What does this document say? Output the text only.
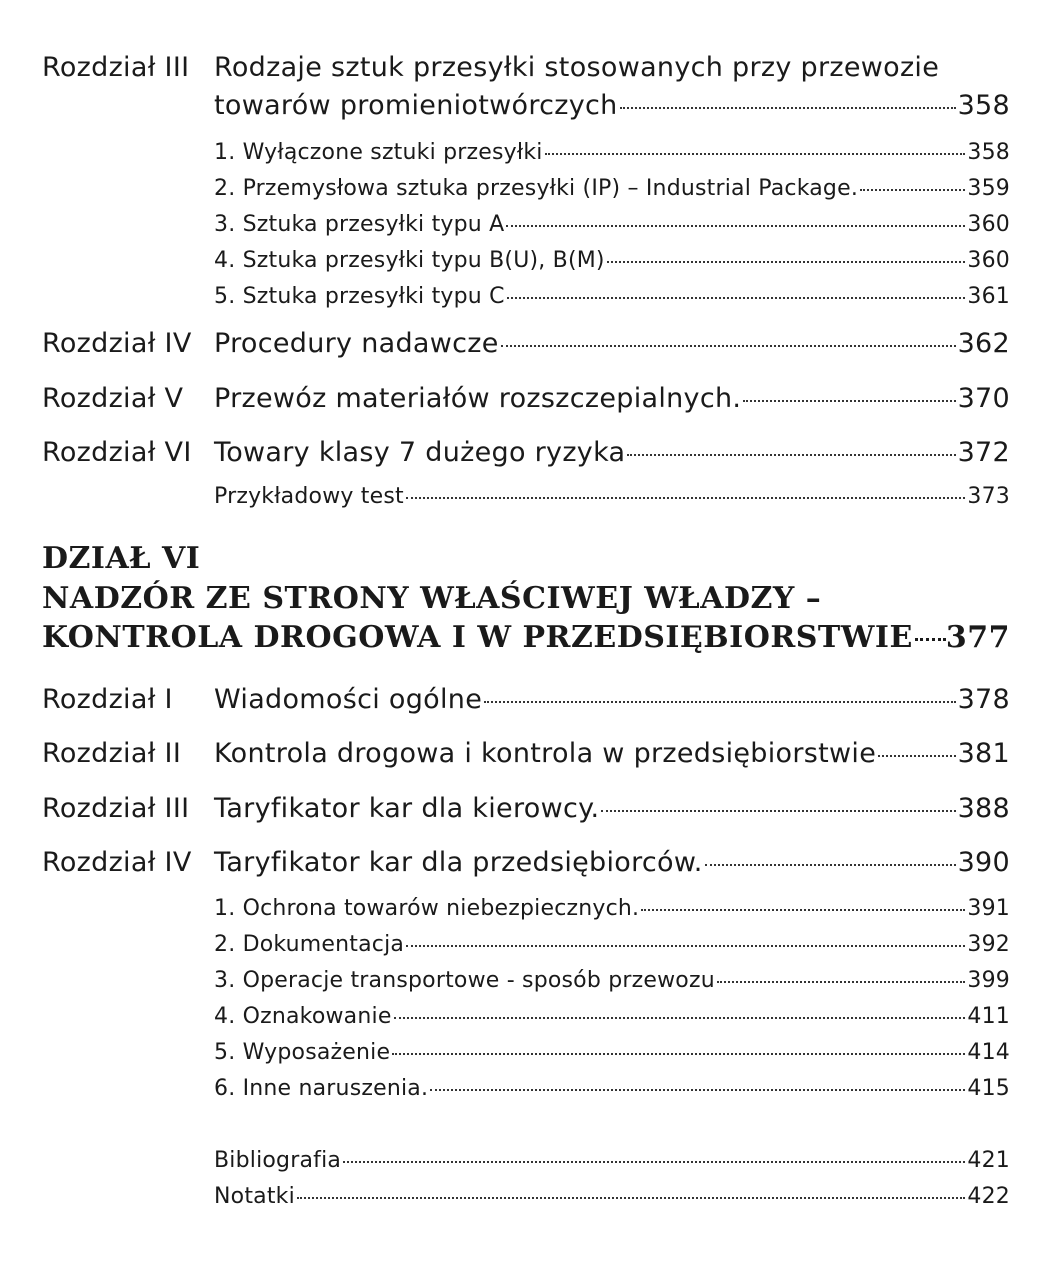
Rozdział III Rodzaje sztuk przesyłki stosowanych przy przewozie
towarów promieniotwórczych	358
1. Wyłączone sztuki przesyłki	358
2. Przemysłowa sztuka przesyłki (IP) – Industrial Package.	359
3. Sztuka przesyłki typu A	360
4. Sztuka przesyłki typu B(U), B(M)	360
5. Sztuka przesyłki typu C	361
Rozdział IV Procedury nadawcze	362
Rozdział V	Przewóz materiałów rozszczepialnych.	370
Rozdział VI Towary klasy 7 dużego ryzyka	372
Przykładowy test	373
DZIAŁ VI
NADZÓR ZE STRONY WŁAŚCIWEJ WŁADZY –
KONTROLA DROGOWA I W PRZEDSIĘBIORSTWIE 377
Rozdział I	Wiadomości ogólne	378
Rozdział II	Kontrola drogowa i kontrola w przedsiębiorstwie	381
Rozdział III Taryfikator kar dla kierowcy.	388
Rozdział IV Taryfikator kar dla przedsiębiorców.	390
1. Ochrona towarów niebezpiecznych.	391
2. Dokumentacja	392
3. Operacje transportowe - sposób przewozu	399
4. Oznakowanie	411
5. Wyposażenie	414
6. Inne naruszenia.	415
Bibliografia	421
Notatki	422
